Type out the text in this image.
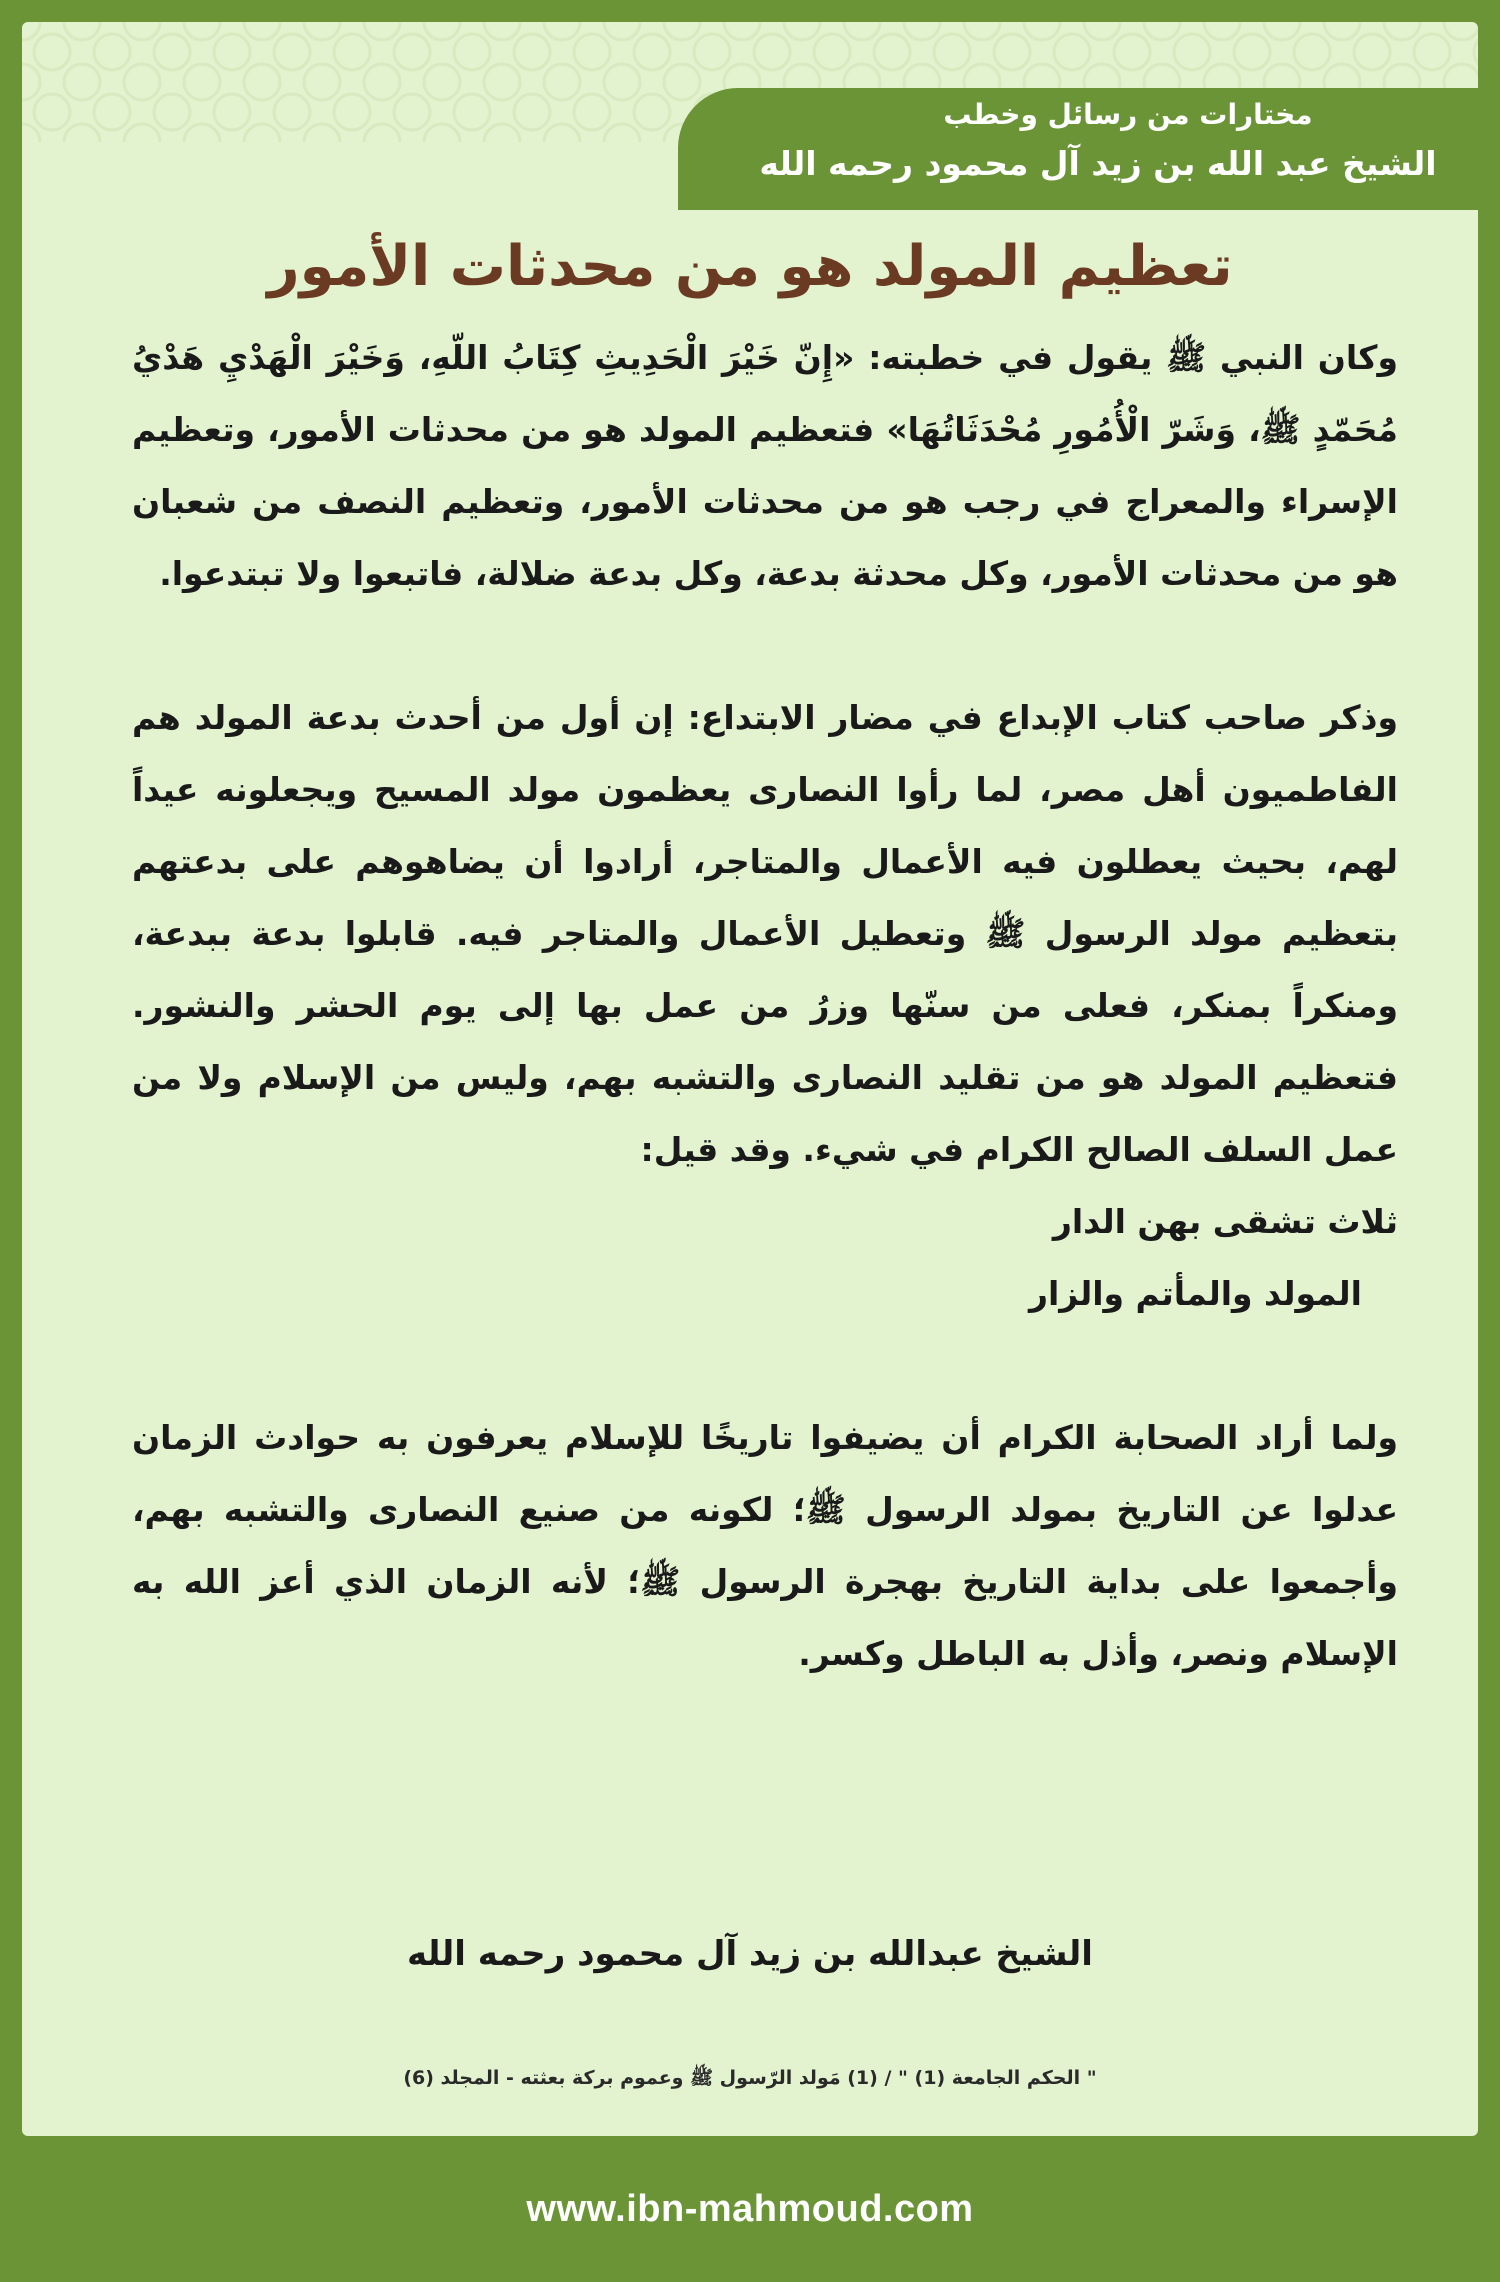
مختارات من رسائل وخطب
الشيخ عبد الله بن زيد آل محمود رحمه الله
تعظيم المولد هو من محدثات الأمور

وكان النبي ﷺ يقول في خطبته: «إِنّ خَيْرَ الْحَدِيثِ كِتَابُ اللّهِ، وَخَيْرَ الْهَدْيِ هَدْيُ مُحَمّدٍ ﷺ، وَشَرّ الْأُمُورِ مُحْدَثَاتُهَا» فتعظيم المولد هو من محدثات الأمور، وتعظيم الإسراء والمعراج في رجب هو من محدثات الأمور، وتعظيم النصف من شعبان هو من محدثات الأمور، وكل محدثة بدعة، وكل بدعة ضلالة، فاتبعوا ولا تبتدعوا.

وذكر صاحب كتاب الإبداع في مضار الابتداع: إن أول من أحدث بدعة المولد هم الفاطميون أهل مصر، لما رأوا النصارى يعظمون مولد المسيح ويجعلونه عيداً لهم، بحيث يعطلون فيه الأعمال والمتاجر، أرادوا أن يضاهوهم على بدعتهم بتعظيم مولد الرسول ﷺ وتعطيل الأعمال والمتاجر فيه. قابلوا بدعة ببدعة، ومنكراً بمنكر، فعلى من سنّها وزرُ من عمل بها إلى يوم الحشر والنشور. فتعظيم المولد هو من تقليد النصارى والتشبه بهم، وليس من الإسلام ولا من عمل السلف الصالح الكرام في شيء. وقد قيل:

ثلاث تشقى بهن الدار

المولد والمأتم والزار

ولما أراد الصحابة الكرام أن يضيفوا تاريخًا للإسلام يعرفون به حوادث الزمان عدلوا عن التاريخ بمولد الرسول ﷺ؛ لكونه من صنيع النصارى والتشبه بهم، وأجمعوا على بداية التاريخ بهجرة الرسول ﷺ؛ لأنه الزمان الذي أعز الله به الإسلام ونصر، وأذل به الباطل وكسر.

الشيخ عبدالله بن زيد آل محمود رحمه الله
" الحكم الجامعة (1) " / (1) مَولد الرّسول ﷺ وعموم بركة بعثته - المجلد (6)
www.ibn-mahmoud.com
